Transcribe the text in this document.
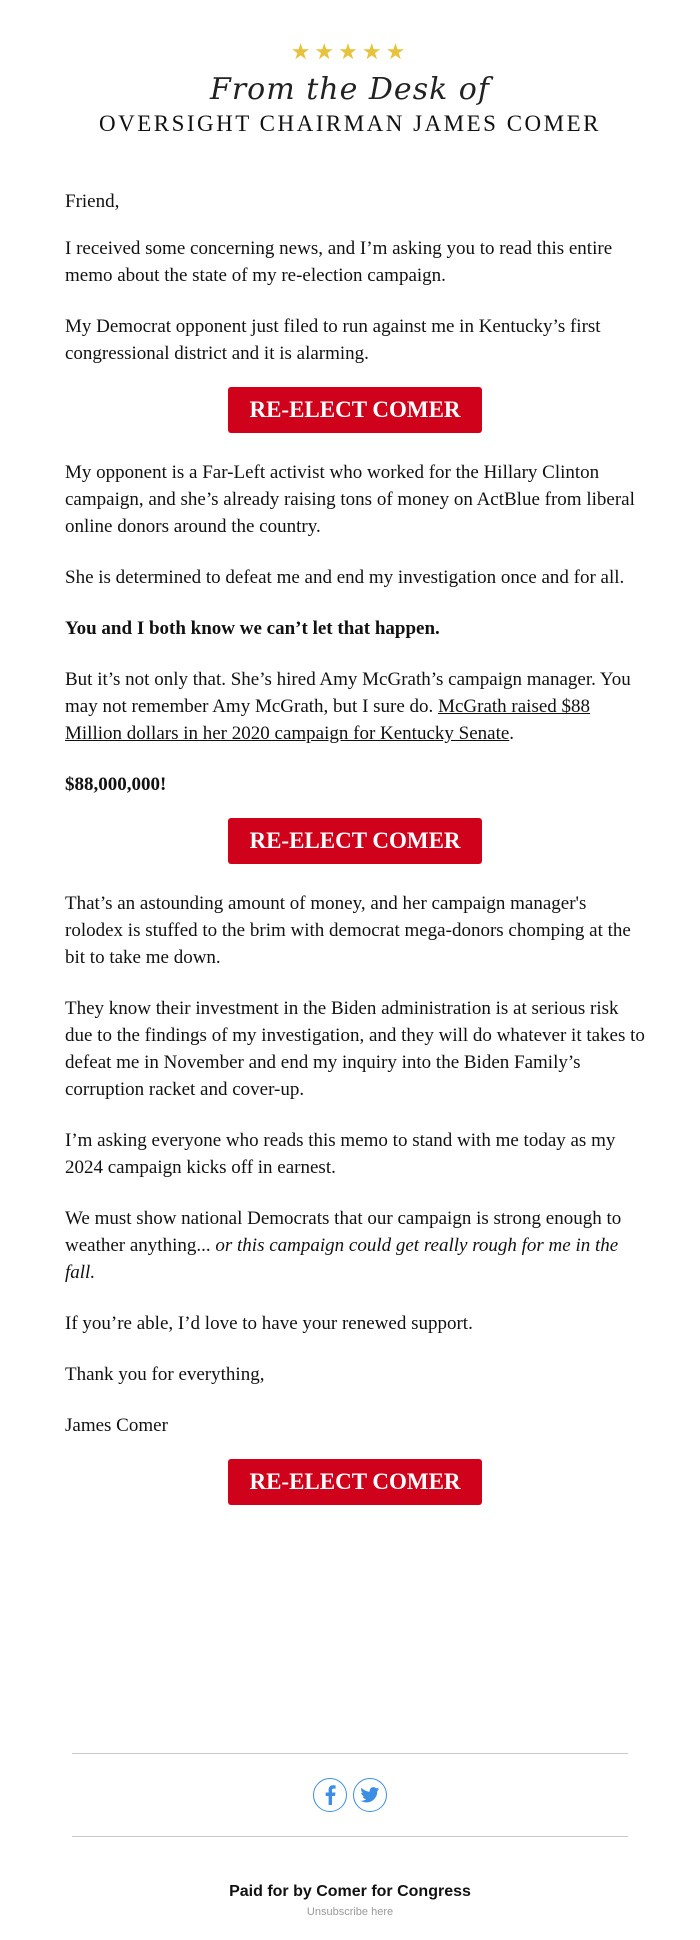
★★★★★
From the Desk of
OVERSIGHT CHAIRMAN JAMES COMER

Friend,

I received some concerning news, and I’m asking you to read this entire memo about the state of my re-election campaign.

My Democrat opponent just filed to run against me in Kentucky’s first congressional district and it is alarming.

RE-ELECT COMER

My opponent is a Far-Left activist who worked for the Hillary Clinton campaign, and she’s already raising tons of money on ActBlue from liberal online donors around the country.

She is determined to defeat me and end my investigation once and for all.

You and I both know we can’t let that happen.

But it’s not only that. She’s hired Amy McGrath’s campaign manager. You may not remember Amy McGrath, but I sure do. McGrath raised $88 Million dollars in her 2020 campaign for Kentucky Senate.

$88,000,000!

RE-ELECT COMER

That’s an astounding amount of money, and her campaign manager's rolodex is stuffed to the brim with democrat mega-donors chomping at the bit to take me down.

They know their investment in the Biden administration is at serious risk due to the findings of my investigation, and they will do whatever it takes to defeat me in November and end my inquiry into the Biden Family’s corruption racket and cover-up.

I’m asking everyone who reads this memo to stand with me today as my 2024 campaign kicks off in earnest.

We must show national Democrats that our campaign is strong enough to weather anything... or this campaign could get really rough for me in the fall.

If you’re able, I’d love to have your renewed support.

Thank you for everything,

James Comer

RE-ELECT COMER
Paid for by Comer for Congress
Unsubscribe here
